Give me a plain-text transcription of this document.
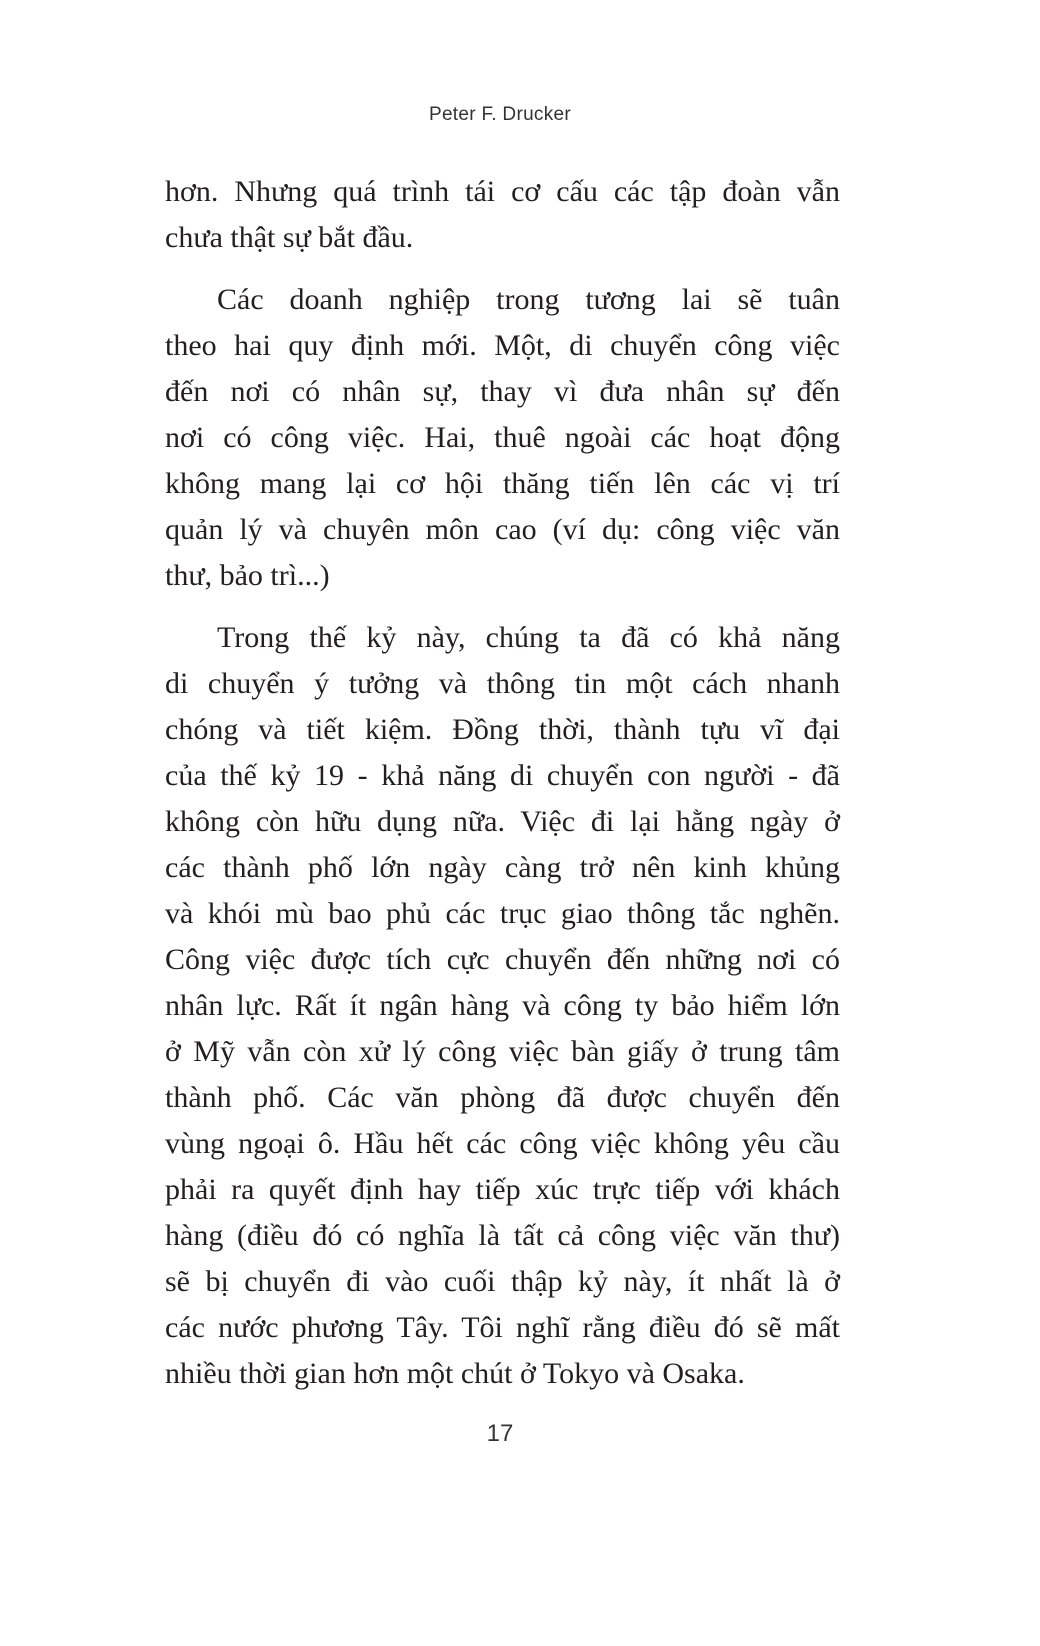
Peter F. Drucker
hơn. Nhưng quá trình tái cơ cấu các tập đoàn vẫn
chưa thật sự bắt đầu.
Các doanh nghiệp trong tương lai sẽ tuân
theo hai quy định mới. Một, di chuyển công việc
đến nơi có nhân sự, thay vì đưa nhân sự đến
nơi có công việc. Hai, thuê ngoài các hoạt động
không mang lại cơ hội thăng tiến lên các vị trí
quản lý và chuyên môn cao (ví dụ: công việc văn
thư, bảo trì...)
Trong thế kỷ này, chúng ta đã có khả năng
di chuyển ý tưởng và thông tin một cách nhanh
chóng và tiết kiệm. Đồng thời, thành tựu vĩ đại
của thế kỷ 19 - khả năng di chuyển con người - đã
không còn hữu dụng nữa. Việc đi lại hằng ngày ở
các thành phố lớn ngày càng trở nên kinh khủng
và khói mù bao phủ các trục giao thông tắc nghẽn.
Công việc được tích cực chuyển đến những nơi có
nhân lực. Rất ít ngân hàng và công ty bảo hiểm lớn
ở Mỹ vẫn còn xử lý công việc bàn giấy ở trung tâm
thành phố. Các văn phòng đã được chuyển đến
vùng ngoại ô. Hầu hết các công việc không yêu cầu
phải ra quyết định hay tiếp xúc trực tiếp với khách
hàng (điều đó có nghĩa là tất cả công việc văn thư)
sẽ bị chuyển đi vào cuối thập kỷ này, ít nhất là ở
các nước phương Tây. Tôi nghĩ rằng điều đó sẽ mất
nhiều thời gian hơn một chút ở Tokyo và Osaka.
17
